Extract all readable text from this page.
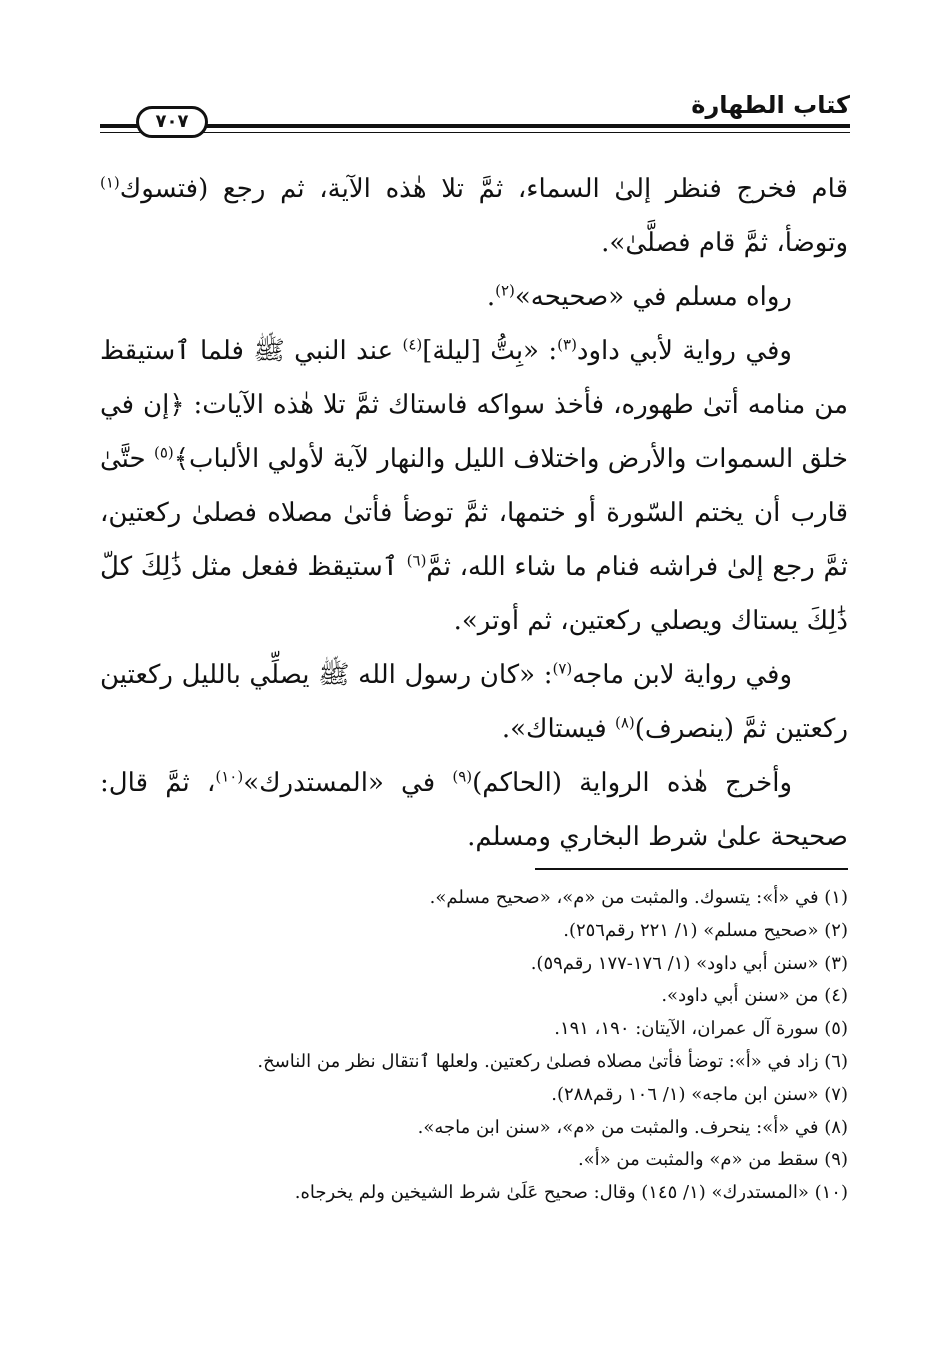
كتاب الطهارة
٧٠٧

قام فخرج فنظر إلىٰ السماء، ثمَّ تلا هٰذه الآية، ثم رجع (فتسوك$^{(١)}$ وتوضأ، ثمَّ قام فصلَّىٰ».

رواه مسلم في «صحيحه»$^{(٢)}$.

وفي رواية لأبي داود$^{(٣)}$: «بِتُّ [ليلة]$^{(٤)}$ عند النبي ﷺ فلما ٱستيقظ من منامه أتىٰ طهوره، فأخذ سواكه فاستاك ثمَّ تلا هٰذه الآيات: ﴿إن في خلق السموات والأرض واختلاف الليل والنهار لآية لأولي الألباب﴾$^{(٥)}$ حتَّىٰ قارب أن يختم السّورة أو ختمها، ثمَّ توضأ فأتىٰ مصلاه فصلىٰ ركعتين، ثمَّ رجع إلىٰ فراشه فنام ما شاء الله، ثمَّ$^{(٦)}$ ٱستيقظ ففعل مثل ذَٰلِكَ كلّ ذَٰلِكَ يستاك ويصلي ركعتين، ثم أوتر».

وفي رواية لابن ماجه$^{(٧)}$: «كان رسول الله ﷺ يصلِّي بالليل ركعتين ركعتين ثمَّ (ينصرف)$^{(٨)}$ فيستاك».

وأخرج هٰذه الرواية (الحاكم)$^{(٩)}$ في «المستدرك»$^{(١٠)}$، ثمَّ قال: صحيحة علىٰ شرط البخاري ومسلم.

(١) في «أ»: يتسوك. والمثبت من «م»، «صحيح مسلم».

(٢) «صحيح مسلم» (١/ ٢٢١ رقم٢٥٦).

(٣) «سنن أبي داود» (١/ ١٧٦-١٧٧ رقم٥٩).

(٤) من «سنن أبي داود».

(٥) سورة آل عمران، الآيتان: ١٩٠، ١٩١.

(٦) زاد في «أ»: توضأ فأتىٰ مصلاه فصلىٰ ركعتين. ولعلها ٱنتقال نظر من الناسخ.

(٧) «سنن ابن ماجه» (١/ ١٠٦ رقم٢٨٨).

(٨) في «أ»: ينحرف. والمثبت من «م»، «سنن ابن ماجه».

(٩) سقط من «م» والمثبت من «أ».

(١٠) «المستدرك» (١/ ١٤٥) وقال: صحيح عَلَىٰ شرط الشيخين ولم يخرجاه.
